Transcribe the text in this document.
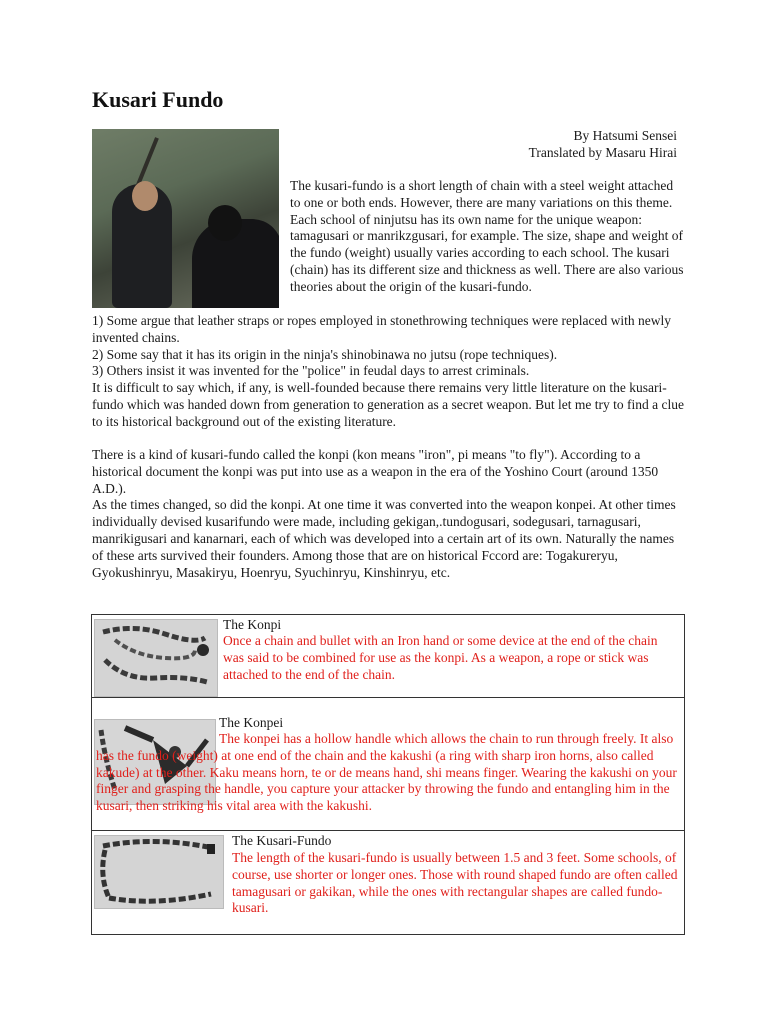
Kusari Fundo
By Hatsumi Sensei
Translated by Masaru Hirai

The kusari-fundo is a short length of chain with a steel weight attached to one or both ends. However, there are many variations on this theme. Each school of ninjutsu has its own name for the unique weapon: tamagusari or manrikzgusari, for example. The size, shape and weight of the fundo (weight) usually varies according to each school. The kusari (chain) has its different size and thickness as well. There are also various theories about the origin of the kusari-fundo.

1) Some argue that leather straps or ropes employed in stonethrowing techniques were replaced with newly invented chains.

2) Some say that it has its origin in the ninja's shinobinawa no jutsu (rope techniques).

3) Others insist it was invented for the "police" in feudal days to arrest criminals.

It is difficult to say which, if any, is well-founded because there remains very little literature on the kusari-fundo which was handed down from generation to generation as a secret weapon. But let me try to find a clue to its historical background out of the existing literature.

There is a kind of kusari-fundo called the konpi (kon means "iron", pi means "to fly"). According to a historical document the konpi was put into use as a weapon in the era of the Yoshino Court (around 1350 A.D.).

As the times changed, so did the konpi. At one time it was converted into the weapon konpei. At other times individually devised kusarifundo were made, including gekigan,.tundogusari, sodegusari, tarnagusari, manrikigusari and kanarnari, each of which was developed into a certain art of its own. Naturally the names of these arts survived their founders. Among those that are on historical Fccord are: Togakureryu, Gyokushinryu, Masakiryu, Hoenryu, Syuchinryu, Kinshinryu, etc.

The Konpi
Once a chain and bullet with an Iron hand or some device at the end of the chain was said to be combined for use as the konpi. As a weapon, a rope or stick was attached to the end of the chain.
The Konpei
The konpei has a hollow handle which allows the chain to run through freely. It also has the fundo (weight) at one end of the chain and the kakushi (a ring with sharp iron horns, also called kakude) at the other. Kaku means horn, te or de means hand, shi means finger. Wearing the kakushi on your finger and grasping the handle, you capture your attacker by throwing the fundo and entangling him in the kusari, then striking his vital area with the kakushi.
The Kusari-Fundo
The length of the kusari-fundo is usually between 1.5 and 3 feet. Some schools, of course, use shorter or longer ones. Those with round shaped fundo are often called tamagusari or gakikan, while the ones with rectangular shapes are called fundo-kusari.
